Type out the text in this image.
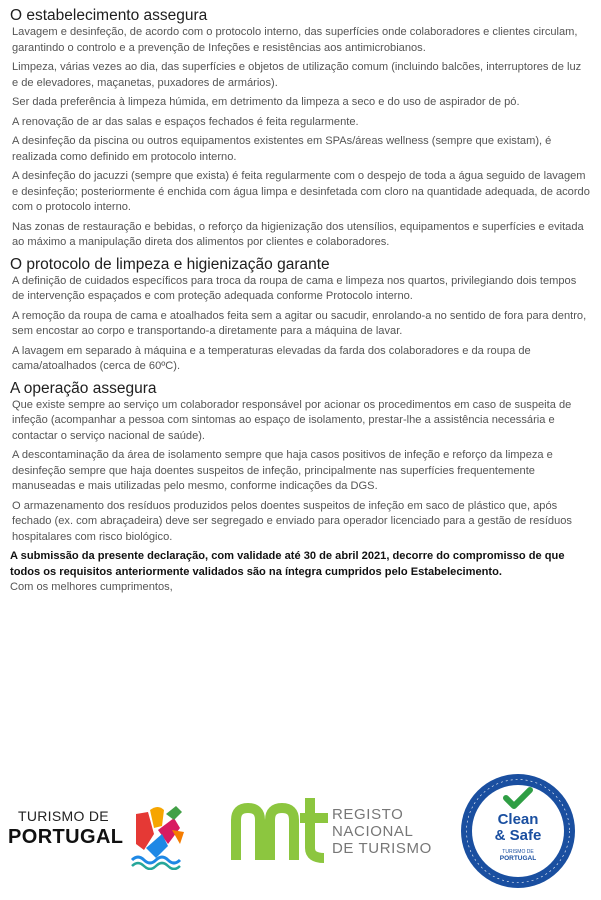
O estabelecimento assegura

Lavagem e desinfeção, de acordo com o protocolo interno, das superfícies onde colaboradores e clientes circulam, garantindo o controlo e a prevenção de Infeções e resistências aos antimicrobianos.

Limpeza, várias vezes ao dia, das superfícies e objetos de utilização comum (incluindo balcões, interruptores de luz e de elevadores, maçanetas, puxadores de armários).

Ser dada preferência à limpeza húmida, em detrimento da limpeza a seco e do uso de aspirador de pó.

A renovação de ar das salas e espaços fechados é feita regularmente.

A desinfeção da piscina ou outros equipamentos existentes em SPAs/áreas wellness (sempre que existam), é realizada como definido em protocolo interno.

A desinfeção do jacuzzi (sempre que exista) é feita regularmente com o despejo de toda a água seguido de lavagem e desinfeção; posteriormente é enchida com água limpa e desinfetada com cloro na quantidade adequada, de acordo com o protocolo interno.

Nas zonas de restauração e bebidas, o reforço da higienização dos utensílios, equipamentos e superfícies e evitada ao máximo a manipulação direta dos alimentos por clientes e colaboradores.

O protocolo de limpeza e higienização garante

A definição de cuidados específicos para troca da roupa de cama e limpeza nos quartos, privilegiando dois tempos de intervenção espaçados e com proteção adequada conforme Protocolo interno.

A remoção da roupa de cama e atoalhados feita sem a agitar ou sacudir, enrolando-a no sentido de fora para dentro, sem encostar ao corpo e transportando-a diretamente para a máquina de lavar.

A lavagem em separado à máquina e a temperaturas elevadas da farda dos colaboradores e da roupa de cama/atoalhados (cerca de 60ºC).

A operação assegura

Que existe sempre ao serviço um colaborador responsável por acionar os procedimentos em caso de suspeita de infeção (acompanhar a pessoa com sintomas ao espaço de isolamento, prestar-lhe a assistência necessária e contactar o serviço nacional de saúde).

A descontaminação da área de isolamento sempre que haja casos positivos de infeção e reforço da limpeza e desinfeção sempre que haja doentes suspeitos de infeção, principalmente nas superfícies frequentemente manuseadas e mais utilizadas pelo mesmo, conforme indicações da DGS.

O armazenamento dos resíduos produzidos pelos doentes suspeitos de infeção em saco de plástico que, após fechado (ex. com abraçadeira) deve ser segregado e enviado para operador licenciado para a gestão de resíduos hospitalares com risco biológico.

A submissão da presente declaração, com validade até 30 de abril 2021, decorre do compromisso de que todos os requisitos anteriormente validados são na íntegra cumpridos pelo Estabelecimento.

Com os melhores cumprimentos,

TURISMO DE
PORTUGAL
REGISTO
NACIONAL
DE TURISMO
Clean
& Safe
TURISMO DE
PORTUGAL
